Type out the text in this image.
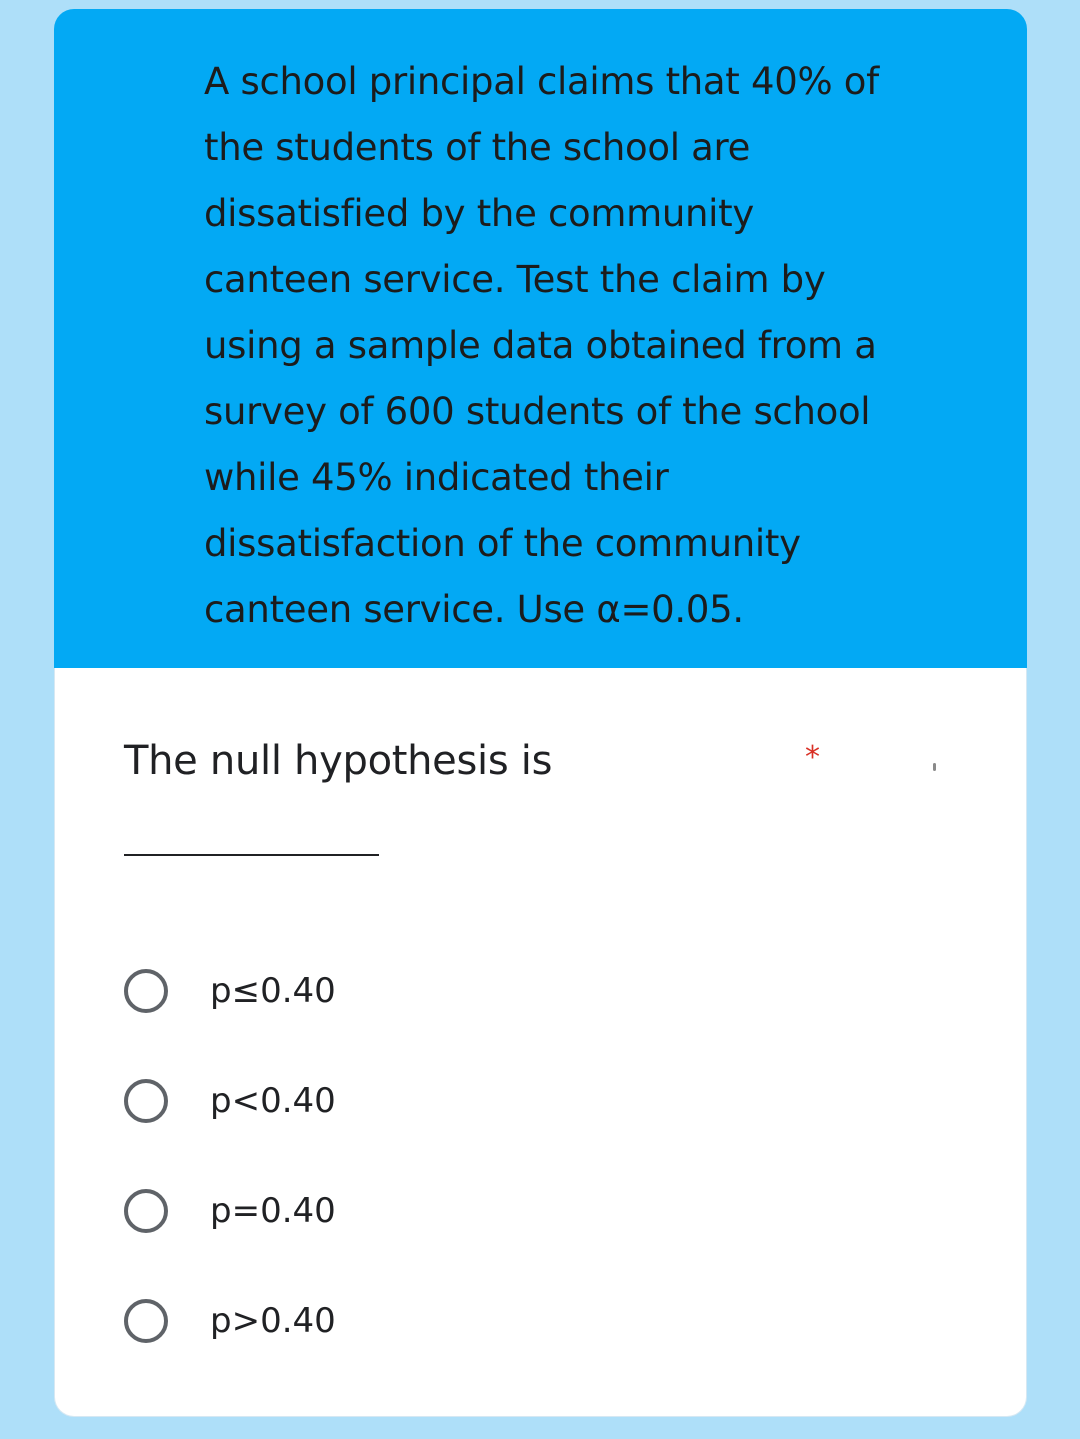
A school principal claims that 40% of
the students of the school are
dissatisfied by the community
canteen service. Test the claim by
using a sample data obtained from a
survey of 600 students of the school
while 45% indicated their
dissatisfaction of the community
canteen service. Use α=0.05.
The null hypothesis is	*
p≤0.40
p<0.40
p=0.40
p>0.40
